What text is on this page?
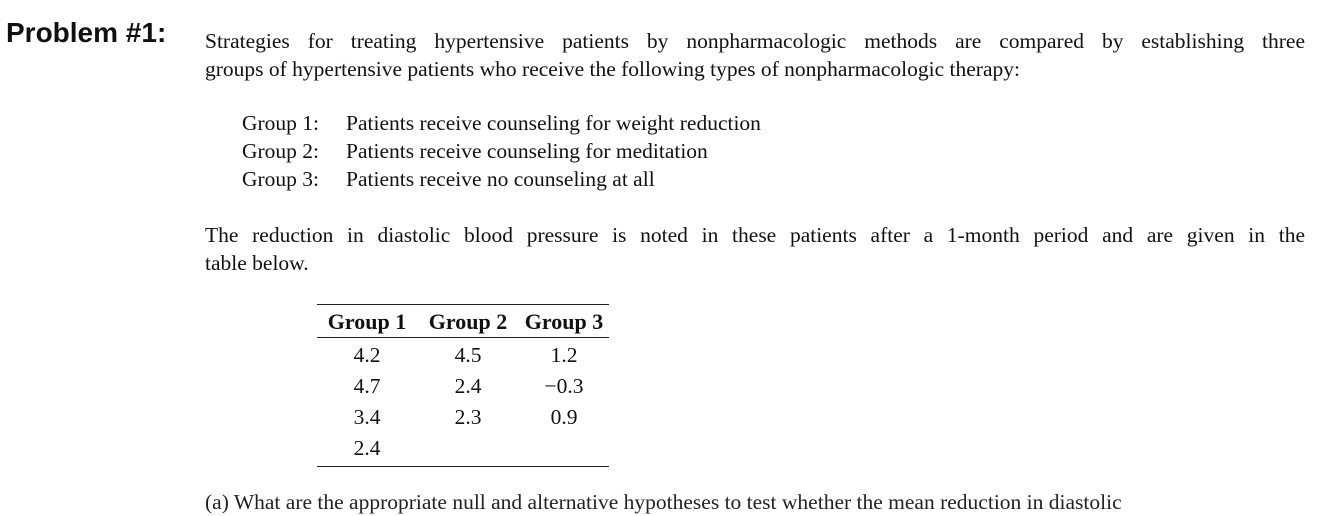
Problem #1: Strategies for treating hypertensive patients by nonpharmacologic methods are compared by establishing three
groups of hypertensive patients who receive the following types of nonpharmacologic therapy:
Group 1:	Patients receive counseling for weight reduction
Group 2:	Patients receive counseling for meditation
Group 3:	Patients receive no counseling at all
The reduction in diastolic blood pressure is noted in these patients after a 1-month period and are given in the
table below.
Group 1	Group 2	Group 3
4.2	4.5	1.2
4.7	2.4	−0.3
3.4	2.3	0.9
2.4		
(a) What are the appropriate null and alternative hypotheses to test whether the mean reduction in diastolic
